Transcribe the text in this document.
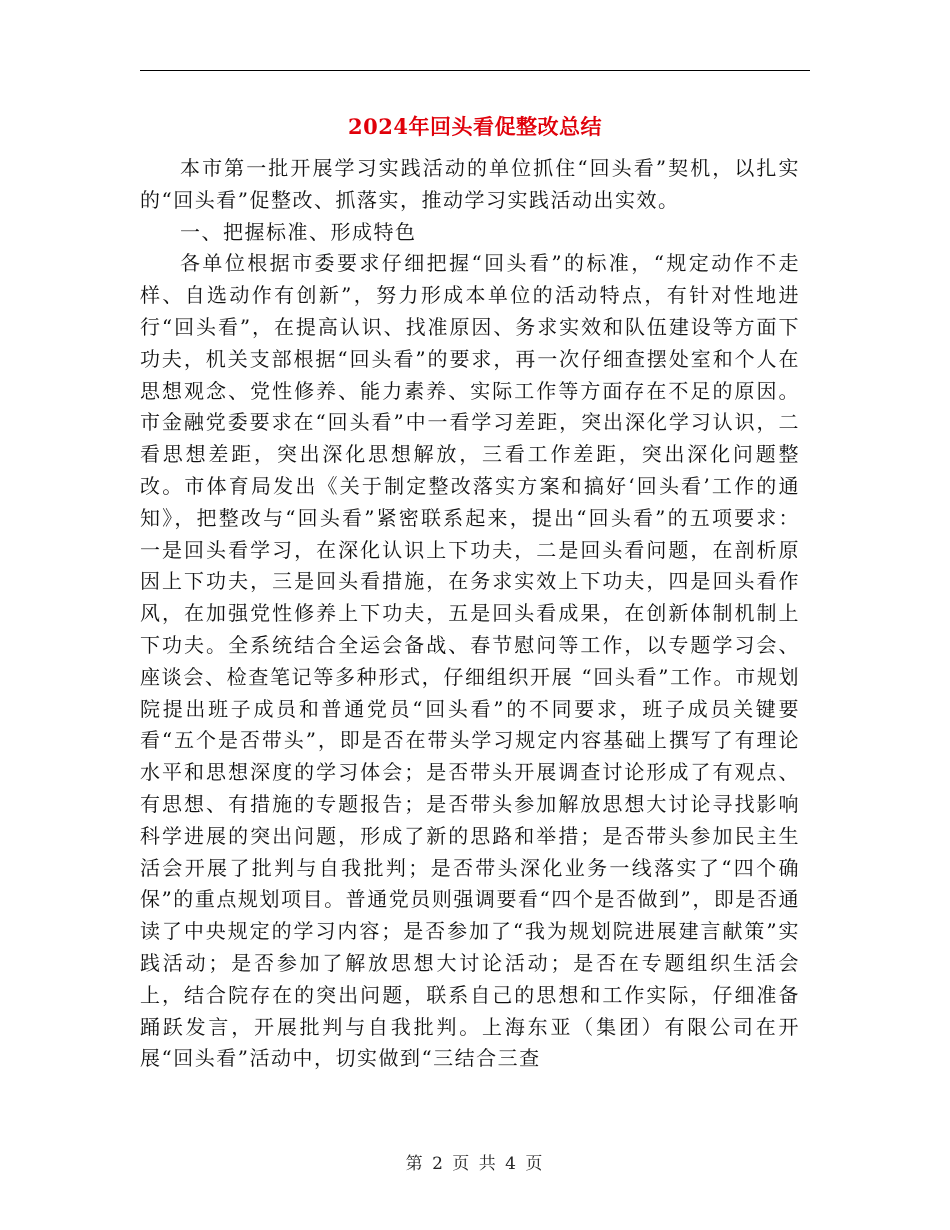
2024年回头看促整改总结

本市第一批开展学习实践活动的单位抓住“回头看”契机，以扎实的“回头看”促整改、抓落实，推动学习实践活动出实效。

一、把握标准、形成特色

各单位根据市委要求仔细把握“回头看”的标准，“规定动作不走样、自选动作有创新”，努力形成本单位的活动特点，有针对性地进行“回头看”，在提高认识、找准原因、务求实效和队伍建设等方面下功夫，机关支部根据“回头看”的要求，再一次仔细查摆处室和个人在思想观念、党性修养、能力素养、实际工作等方面存在不足的原因。市金融党委要求在“回头看”中一看学习差距，突出深化学习认识，二看思想差距，突出深化思想解放，三看工作差距，突出深化问题整改。市体育局发出《关于制定整改落实方案和搞好‘回头看’工作的通知》，把整改与“回头看”紧密联系起来，提出“回头看”的五项要求：一是回头看学习，在深化认识上下功夫，二是回头看问题，在剖析原因上下功夫，三是回头看措施，在务求实效上下功夫，四是回头看作风，在加强党性修养上下功夫，五是回头看成果，在创新体制机制上下功夫。全系统结合全运会备战、春节慰问等工作，以专题学习会、座谈会、检查笔记等多种形式，仔细组织开展 “回头看”工作。市规划院提出班子成员和普通党员“回头看”的不同要求，班子成员关键要看“五个是否带头”，即是否在带头学习规定内容基础上撰写了有理论水平和思想深度的学习体会；是否带头开展调查讨论形成了有观点、有思想、有措施的专题报告；是否带头参加解放思想大讨论寻找影响科学进展的突出问题，形成了新的思路和举措；是否带头参加民主生活会开展了批判与自我批判；是否带头深化业务一线落实了“四个确保”的重点规划项目。普通党员则强调要看“四个是否做到”，即是否通读了中央规定的学习内容；是否参加了“我为规划院进展建言献策”实践活动；是否参加了解放思想大讨论活动；是否在专题组织生活会上，结合院存在的突出问题，联系自己的思想和工作实际，仔细准备踊跃发言，开展批判与自我批判。上海东亚（集团）有限公司在开展“回头看”活动中，切实做到“三结合三查

第 2 页 共 4 页
